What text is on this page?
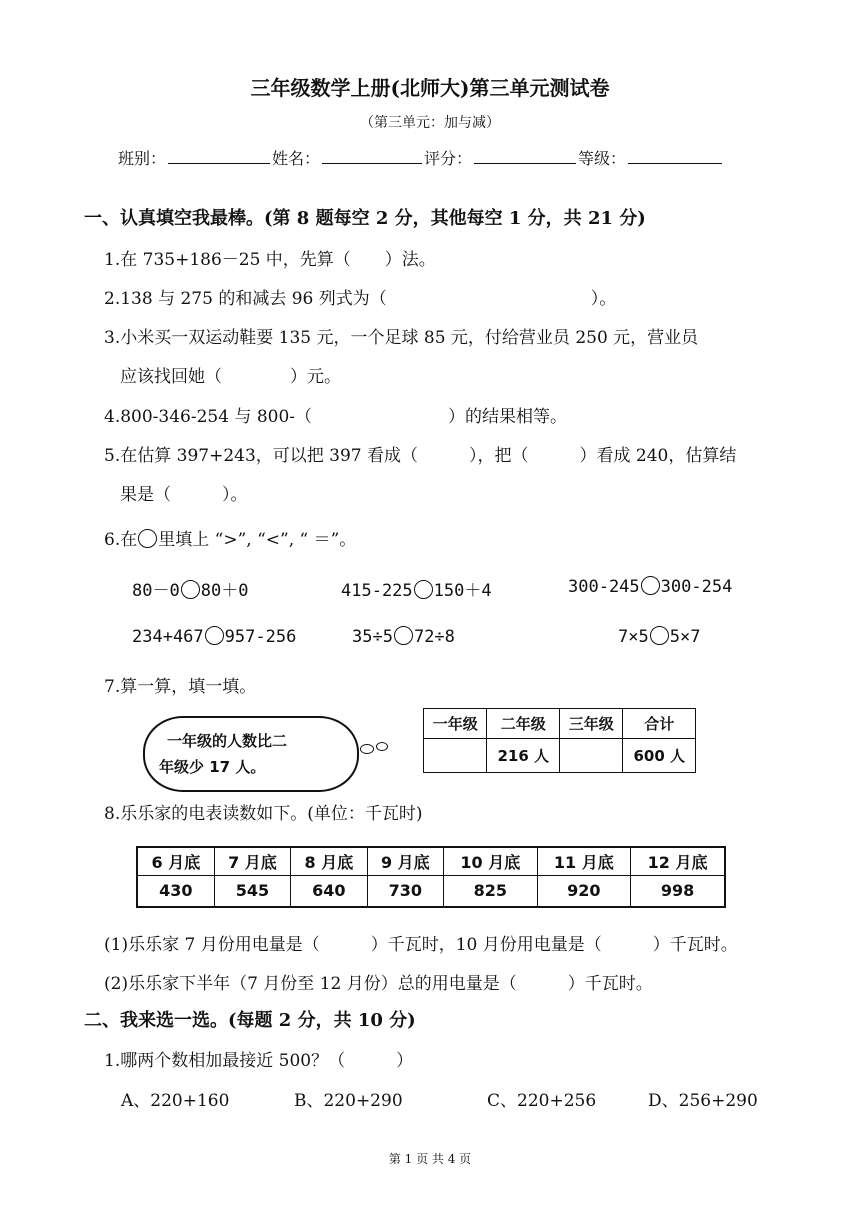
三年级数学上册(北师大)第三单元测试卷
（第三单元：加与减）
班别：	姓名：	评分：	等级：
一、认真填空我最棒。(第 8 题每空 2 分，其他每空 1 分，共 21 分)
1.在 735+186－25 中，先算（　　）法。
2.138 与 275 的和减去 96 列式为（　　　　　　　　　　　　）。
3.小米买一双运动鞋要 135 元，一个足球 85 元，付给营业员 250 元，营业员
应该找回她（　　　　）元。
4.800-346-254 与 800-（　　　　　　　　）的结果相等。
5.在估算 397+243，可以把 397 看成（　　　），把（　　　）看成 240，估算结
果是（　　　）。
6.在 里填上 “>”, “<”, “ ＝”。
80－0 80＋0	415-225 150＋4	300-245 300-254
234+467 957-256	35÷5 72÷8	7×5 5×7
7.算一算，填一填。
一年级的人数比二
年级少 17 人。
一年级	二年级	三年级	合计
	216 人		600 人
8.乐乐家的电表读数如下。(单位：千瓦时)
6 月底	7 月底	8 月底	9 月底	10 月底	11 月底	12 月底
430	545	640	730	825	920	998
(1)乐乐家 7 月份用电量是（　　　）千瓦时，10 月份用电量是（　　　）千瓦时。
(2)乐乐家下半年（7 月份至 12 月份）总的用电量是（　　　）千瓦时。
二、我来选一选。(每题 2 分，共 10 分)
1.哪两个数相加最接近 500？（　　　）
A、220+160	B、220+290	C、220+256	D、256+290
第 1 页 共 4 页
